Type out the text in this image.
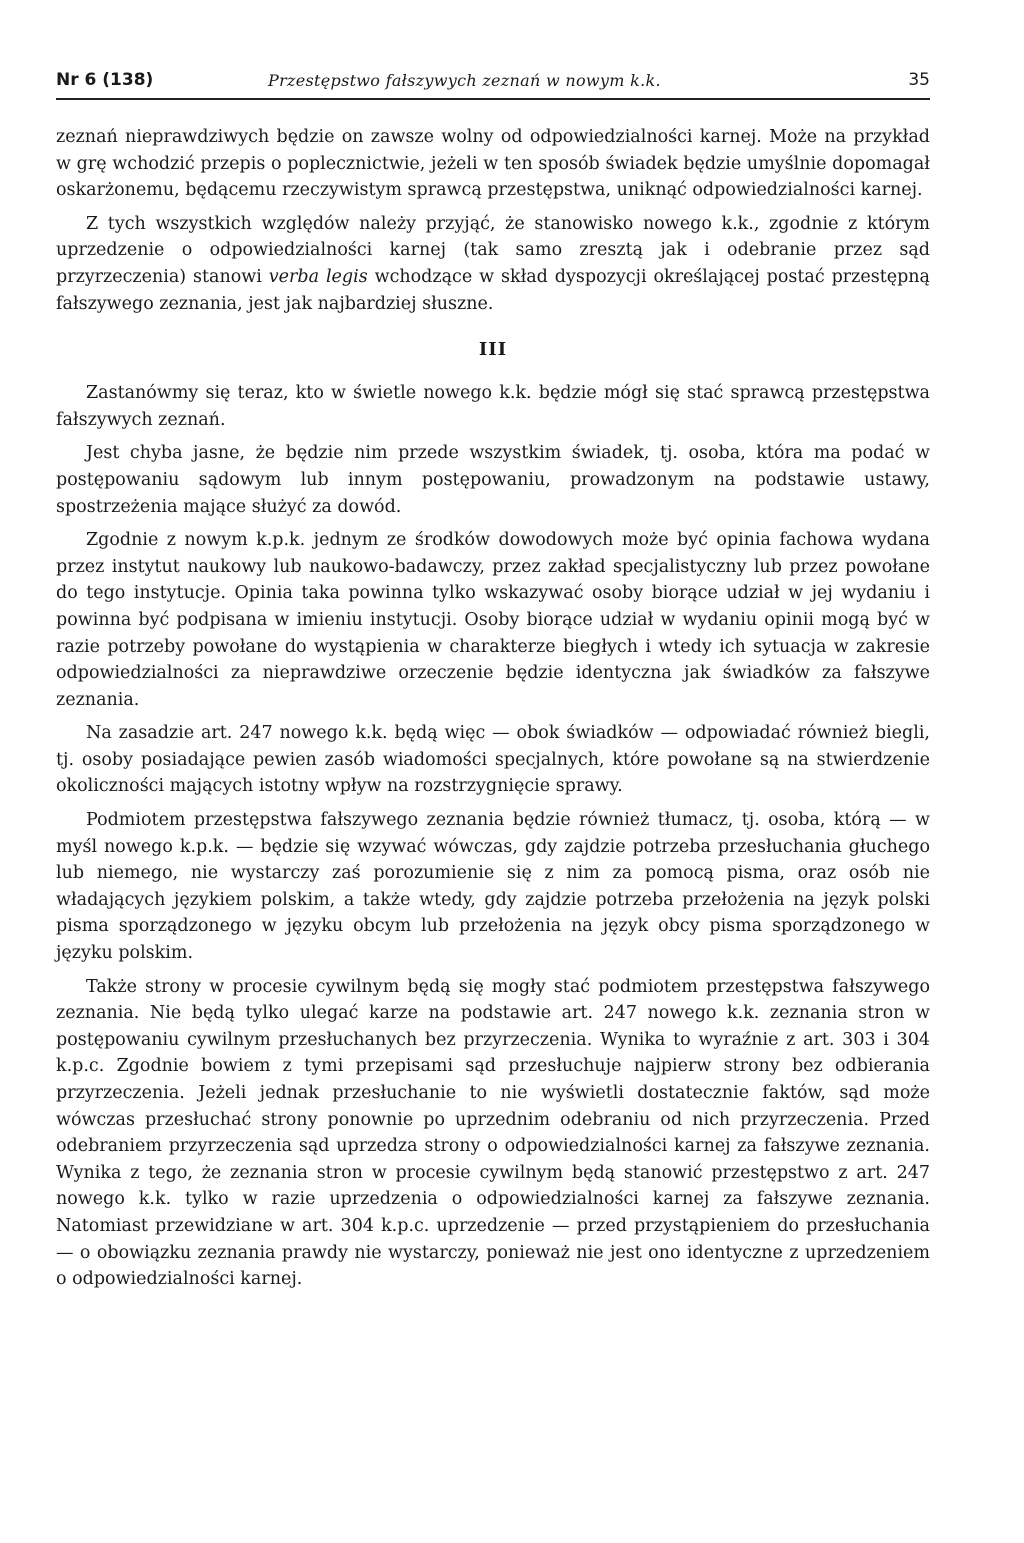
Nr 6 (138)	Przestępstwo fałszywych zeznań w nowym k.k.	35

zeznań nieprawdziwych będzie on zawsze wolny od odpowiedzialności karnej. Może na przykład w grę wchodzić przepis o poplecznictwie, jeżeli w ten sposób świadek będzie umyślnie dopomagał oskarżonemu, będącemu rzeczywistym sprawcą przestępstwa, uniknąć odpowiedzialności karnej.

Z tych wszystkich względów należy przyjąć, że stanowisko nowego k.k., zgodnie z którym uprzedzenie o odpowiedzialności karnej (tak samo zresztą jak i odebranie przez sąd przyrzeczenia) stanowi verba legis wchodzące w skład dyspozycji określającej postać przestępną fałszywego zeznania, jest jak najbardziej słuszne.

III

Zastanówmy się teraz, kto w świetle nowego k.k. będzie mógł się stać sprawcą przestępstwa fałszywych zeznań.

Jest chyba jasne, że będzie nim przede wszystkim świadek, tj. osoba, która ma podać w postępowaniu sądowym lub innym postępowaniu, prowadzonym na podstawie ustawy, spostrzeżenia mające służyć za dowód.

Zgodnie z nowym k.p.k. jednym ze środków dowodowych może być opinia fachowa wydana przez instytut naukowy lub naukowo-badawczy, przez zakład specjalistyczny lub przez powołane do tego instytucje. Opinia taka powinna tylko wskazywać osoby biorące udział w jej wydaniu i powinna być podpisana w imieniu instytucji. Osoby biorące udział w wydaniu opinii mogą być w razie potrzeby powołane do wystąpienia w charakterze biegłych i wtedy ich sytuacja w zakresie odpowiedzialności za nieprawdziwe orzeczenie będzie identyczna jak świadków za fałszywe zeznania.

Na zasadzie art. 247 nowego k.k. będą więc — obok świadków — odpowiadać również biegli, tj. osoby posiadające pewien zasób wiadomości specjalnych, które powołane są na stwierdzenie okoliczności mających istotny wpływ na rozstrzygnięcie sprawy.

Podmiotem przestępstwa fałszywego zeznania będzie również tłumacz, tj. osoba, którą — w myśl nowego k.p.k. — będzie się wzywać wówczas, gdy zajdzie potrzeba przesłuchania głuchego lub niemego, nie wystarczy zaś porozumienie się z nim za pomocą pisma, oraz osób nie władających językiem polskim, a także wtedy, gdy zajdzie potrzeba przełożenia na język polski pisma sporządzonego w języku obcym lub przełożenia na język obcy pisma sporządzonego w języku polskim.

Także strony w procesie cywilnym będą się mogły stać podmiotem przestępstwa fałszywego zeznania. Nie będą tylko ulegać karze na podstawie art. 247 nowego k.k. zeznania stron w postępowaniu cywilnym przesłuchanych bez przyrzeczenia. Wynika to wyraźnie z art. 303 i 304 k.p.c. Zgodnie bowiem z tymi przepisami sąd przesłuchuje najpierw strony bez odbierania przyrzeczenia. Jeżeli jednak przesłuchanie to nie wyświetli dostatecznie faktów, sąd może wówczas przesłuchać strony ponownie po uprzednim odebraniu od nich przyrzeczenia. Przed odebraniem przyrzeczenia sąd uprzedza strony o odpowiedzialności karnej za fałszywe zeznania. Wynika z tego, że zeznania stron w procesie cywilnym będą stanowić przestępstwo z art. 247 nowego k.k. tylko w razie uprzedzenia o odpowiedzialności karnej za fałszywe zeznania. Natomiast przewidziane w art. 304 k.p.c. uprzedzenie — przed przystąpieniem do przesłuchania — o obowiązku zeznania prawdy nie wystarczy, ponieważ nie jest ono identyczne z uprzedzeniem o odpowiedzialności karnej.
